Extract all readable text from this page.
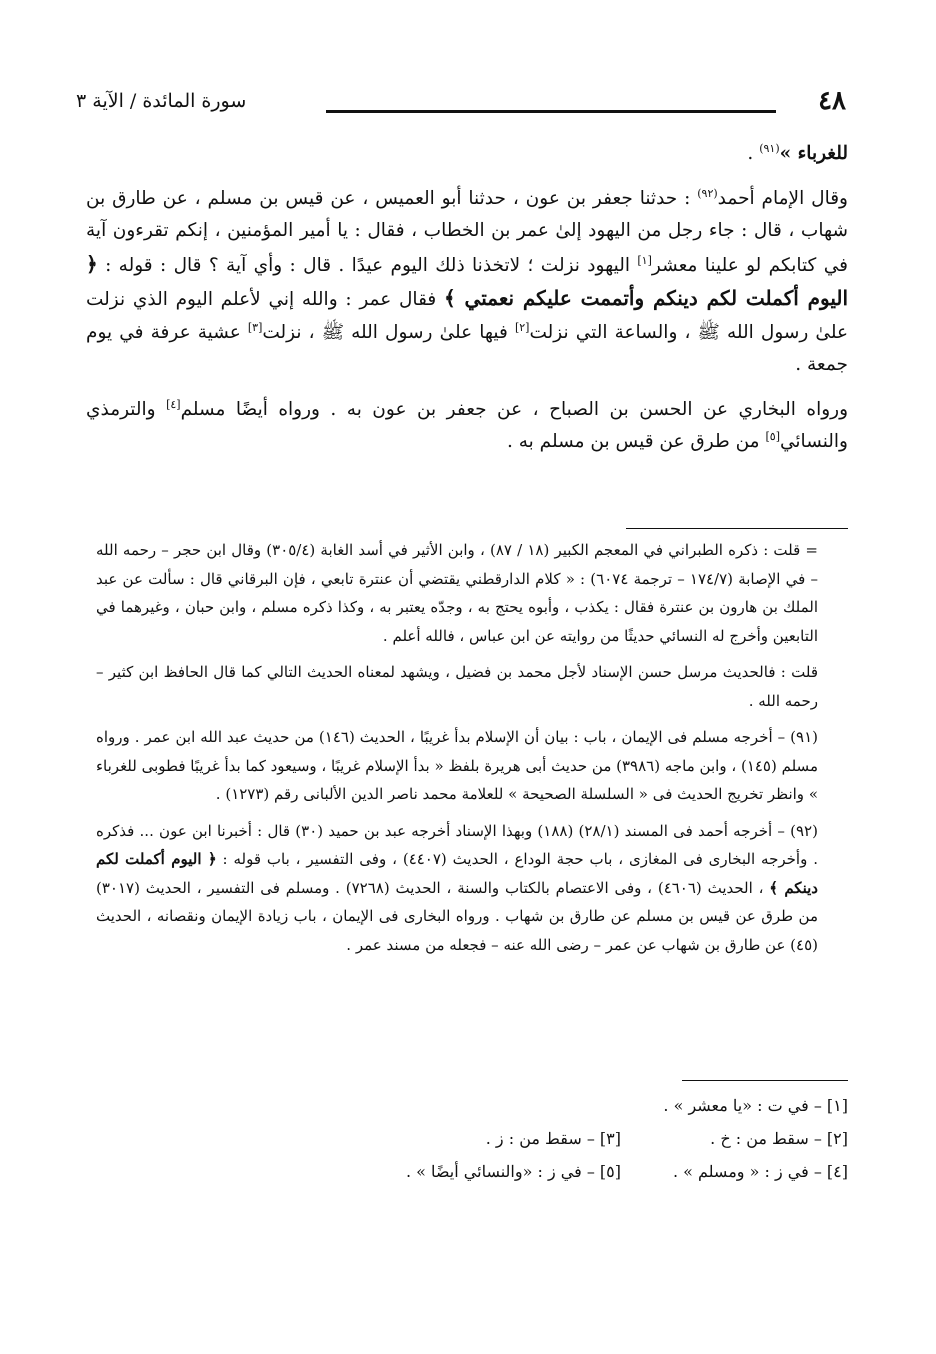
٤٨
سورة المائدة / الآية ٣

للغرباء »$^{(٩١)}$ .

وقال الإمام أحمد$^{(٩٢)}$ : حدثنا جعفر بن عون ، حدثنا أبو العميس ، عن قيس بن مسلم ، عن طارق بن شهاب ، قال : جاء رجل من اليهود إلىٰ عمر بن الخطاب ، فقال : يا أمير المؤمنين ، إنكم تقرءون آية في كتابكم لو علينا معشر[١] اليهود نزلت ؛ لاتخذنا ذلك اليوم عيدًا . قال : وأي آية ؟ قال : قوله : ﴿ اليوم أكملت لكم دينكم وأتممت عليكم نعمتي ﴾ فقال عمر : والله إني لأعلم اليوم الذي نزلت علىٰ رسول الله ﷺ ، والساعة التي نزلت[٢] فيها علىٰ رسول الله ﷺ ، نزلت[٣] عشية عرفة في يوم جمعة .

ورواه البخاري عن الحسن بن الصباح ، عن جعفر بن عون به . ورواه أيضًا مسلم[٤] والترمذي والنسائي[٥] من طرق عن قيس بن مسلم به .

= قلت : ذكره الطبراني في المعجم الكبير (١٨ / ٨٧) ، وابن الأثير في أسد الغابة (٣٠٥/٤) وقال ابن حجر – رحمه الله – في الإصابة (١٧٤/٧ – ترجمة ٦٠٧٤) : « كلام الدارقطني يقتضي أن عنترة تابعي ، فإن البرقاني قال : سألت عن عبد الملك بن هارون بن عنترة فقال : يكذب ، وأبوه يحتج به ، وجدّه يعتبر به ، وكذا ذكره مسلم ، وابن حبان ، وغيرهما في التابعين وأخرج له النسائي حديثًا من روايته عن ابن عباس ، فالله أعلم .

قلت : فالحديث مرسل حسن الإسناد لأجل محمد بن فضيل ، ويشهد لمعناه الحديث التالي كما قال الحافظ ابن كثير – رحمه الله .

(٩١) – أخرجه مسلم فى الإيمان ، باب : بيان أن الإسلام بدأ غريبًا ، الحديث (١٤٦) من حديث عبد الله ابن عمر . ورواه مسلم (١٤٥) ، وابن ماجه (٣٩٨٦) من حديث أبى هريرة بلفظ « بدأ الإسلام غريبًا ، وسيعود كما بدأ غريبًا فطوبى للغرباء » وانظر تخريج الحديث فى « السلسلة الصحيحة » للعلامة محمد ناصر الدين الألبانى رقم (١٢٧٣) .

(٩٢) – أخرجه أحمد فى المسند (٢٨/١) (١٨٨) وبهذا الإسناد أخرجه عبد بن حميد (٣٠) قال : أخبرنا ابن عون ... فذكره . وأخرجه البخارى فى المغازى ، باب حجة الوداع ، الحديث (٤٤٠٧) ، وفى التفسير ، باب قوله : ﴿ اليوم أكملت لكم دينكم ﴾ ، الحديث (٤٦٠٦) ، وفى الاعتصام بالكتاب والسنة ، الحديث (٧٢٦٨) . ومسلم فى التفسير ، الحديث (٣٠١٧) من طرق عن قيس بن مسلم عن طارق بن شهاب . ورواه البخارى فى الإيمان ، باب زيادة الإيمان ونقصانه ، الحديث (٤٥) عن طارق بن شهاب عن عمر – رضى الله عنه – فجعله من مسند عمر .

[١] – في ت : «يا معشر » .
[٢] – سقط من : خ .
[٣] – سقط من : ز .
[٤] – في ز : « ومسلم » .
[٥] – في ز : «والنسائي أيضًا » .
